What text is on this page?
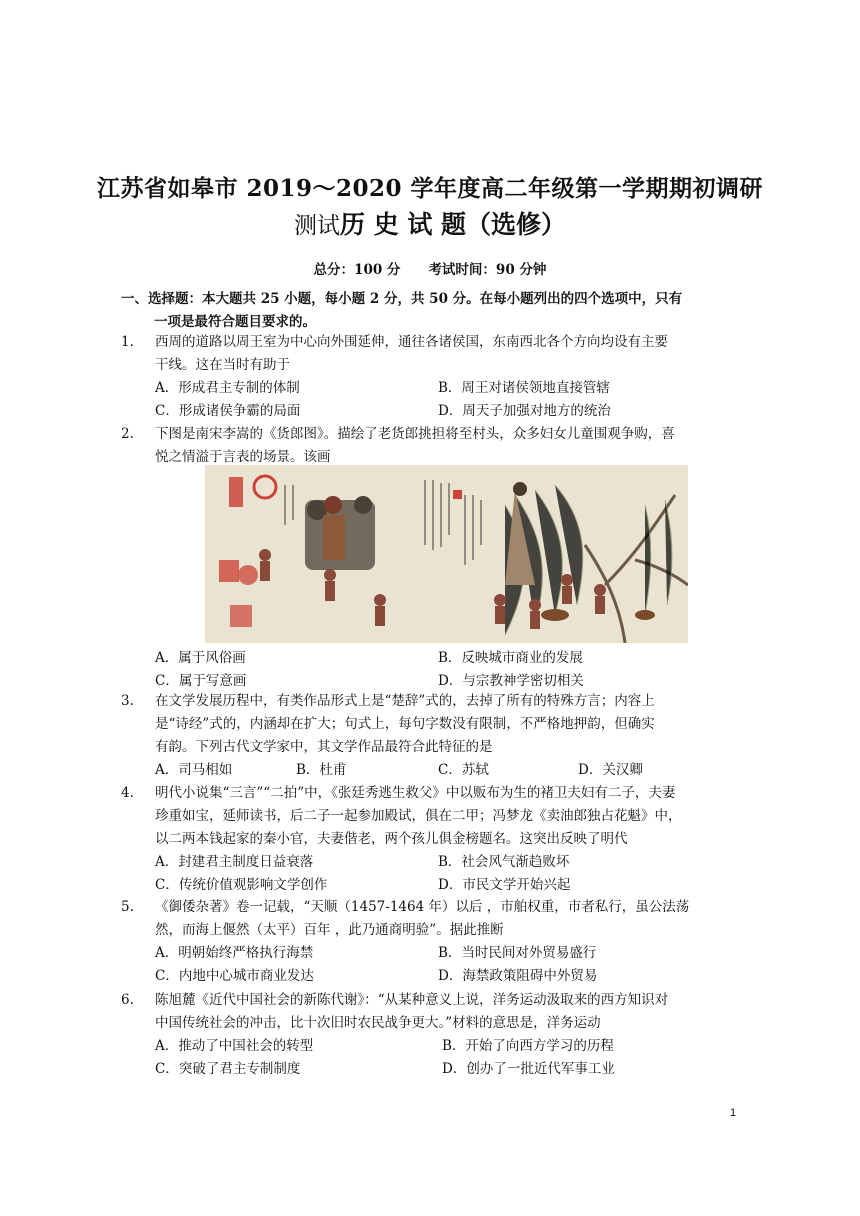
江苏省如皋市 2019～2020 学年度高二年级第一学期期初调研
测试历 史 试 题（选修）
总分：100 分 考试时间：90 分钟
一、选择题：本大题共 25 小题，每小题 2 分，共 50 分。在每小题列出的四个选项中，只有
一项是最符合题目要求的。
1. 西周的道路以周王室为中心向外围延伸，通往各诸侯国，东南西北各个方向均设有主要
干线。这在当时有助于
A．形成君主专制的体制	B．周王对诸侯领地直接管辖
C．形成诸侯争霸的局面	D．周天子加强对地方的统治
2. 下图是南宋李嵩的《货郎图》。描绘了老货郎挑担将至村头，众多妇女儿童围观争购，喜
悦之情溢于言表的场景。该画
A．属于风俗画	B．反映城市商业的发展
C．属于写意画	D．与宗教神学密切相关
3. 在文学发展历程中，有类作品形式上是“楚辞”式的，去掉了所有的特殊方言；内容上
是“诗经”式的，内涵却在扩大；句式上，每句字数没有限制，不严格地押韵，但确实
有韵。下列古代文学家中，其文学作品最符合此特征的是
A．司马相如	B．杜甫	C．苏轼	D．关汉卿
4. 明代小说集“三言”“二拍”中，《张廷秀逃生救父》中以贩布为生的褚卫夫妇有二子，夫妻
珍重如宝，延师读书，后二子一起参加殿试，俱在二甲；冯梦龙《卖油郎独占花魁》中，
以二两本钱起家的秦小官，夫妻偕老，两个孩儿俱金榜题名。这突出反映了明代
A．封建君主制度日益衰落	B．社会风气渐趋败坏
C．传统价值观影响文学创作	D．市民文学开始兴起
5. 《御倭杂著》卷一记载，“天顺（1457-1464 年）以后 ，市舶权重，市者私行，虽公法荡
然，而海上偃然（太平）百年 ，此乃通商明验”。据此推断
A．明朝始终严格执行海禁	B．当时民间对外贸易盛行
C．内地中心城市商业发达	D．海禁政策阻碍中外贸易
6. 陈旭麓《近代中国社会的新陈代谢》：“从某种意义上说，洋务运动汲取来的西方知识对
中国传统社会的冲击，比十次旧时农民战争更大。”材料的意思是，洋务运动
A．推动了中国社会的转型	B．开始了向西方学习的历程
C．突破了君主专制制度	D．创办了一批近代军事工业
1
